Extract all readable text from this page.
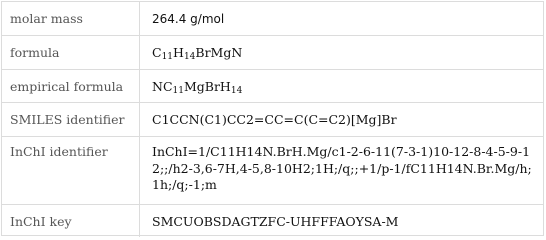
molar mass	264.4 g/mol
formula	$C_{11}H_{14}BrMgN$
empirical formula	$NC_{11}MgBrH_{14}$
SMILES identifier	C1CCN(C1)CC2=CC=C(C=C2)[Mg]Br
InChI identifier	InChI=1/C11H14N.BrH.Mg/c1-2-6-11(7-3-1)10-12-8-4-5-9-12;;/h2-3,6-7H,4-5,8-10H2;1H;/q;;+1/p-1/fC11H14N.Br.Mg/h;1h;/q;-1;m
InChI key	SMCUOBSDAGTZFC-UHFFFAOYSA-M
